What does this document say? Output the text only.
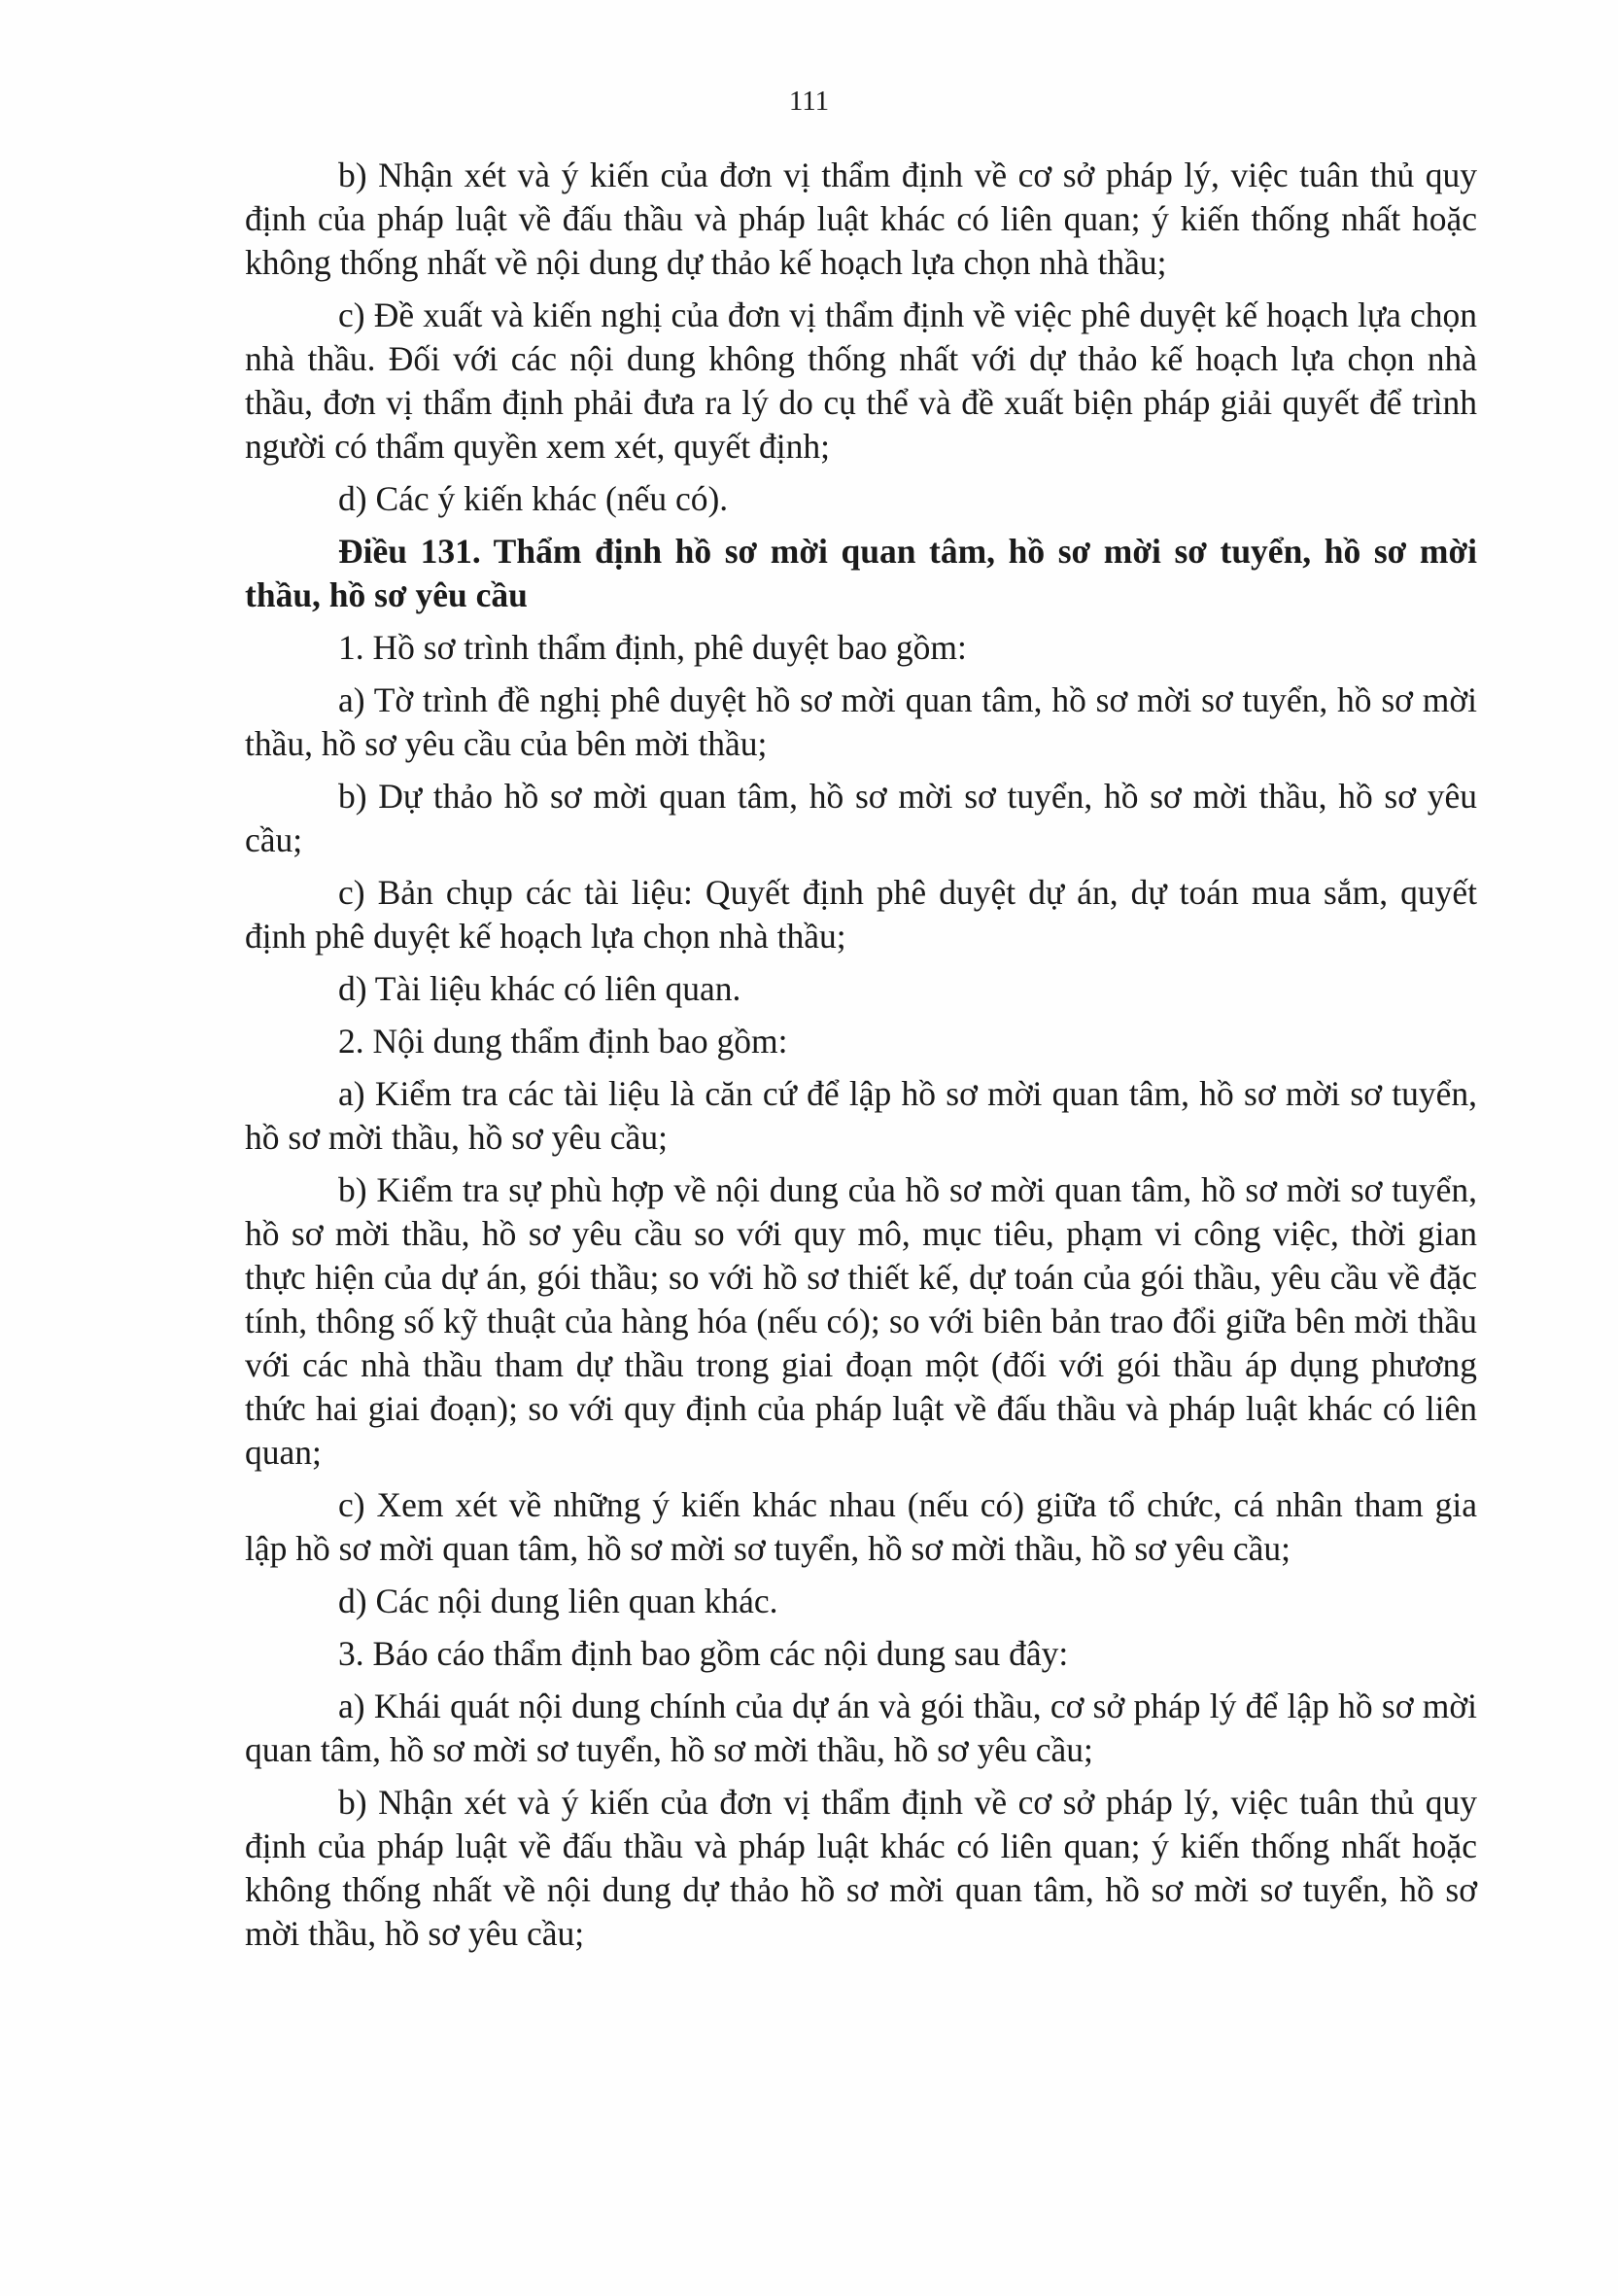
111

b) Nhận xét và ý kiến của đơn vị thẩm định về cơ sở pháp lý, việc tuân thủ quy định của pháp luật về đấu thầu và pháp luật khác có liên quan; ý kiến thống nhất hoặc không thống nhất về nội dung dự thảo kế hoạch lựa chọn nhà thầu;

c) Đề xuất và kiến nghị của đơn vị thẩm định về việc phê duyệt kế hoạch lựa chọn nhà thầu. Đối với các nội dung không thống nhất với dự thảo kế hoạch lựa chọn nhà thầu, đơn vị thẩm định phải đưa ra lý do cụ thể và đề xuất biện pháp giải quyết để trình người có thẩm quyền xem xét, quyết định;

d) Các ý kiến khác (nếu có).

Điều 131. Thẩm định hồ sơ mời quan tâm, hồ sơ mời sơ tuyển, hồ sơ mời thầu, hồ sơ yêu cầu

1. Hồ sơ trình thẩm định, phê duyệt bao gồm:

a) Tờ trình đề nghị phê duyệt hồ sơ mời quan tâm, hồ sơ mời sơ tuyển, hồ sơ mời thầu, hồ sơ yêu cầu của bên mời thầu;

b) Dự thảo hồ sơ mời quan tâm, hồ sơ mời sơ tuyển, hồ sơ mời thầu, hồ sơ yêu cầu;

c) Bản chụp các tài liệu: Quyết định phê duyệt dự án, dự toán mua sắm, quyết định phê duyệt kế hoạch lựa chọn nhà thầu;

d) Tài liệu khác có liên quan.

2. Nội dung thẩm định bao gồm:

a) Kiểm tra các tài liệu là căn cứ để lập hồ sơ mời quan tâm, hồ sơ mời sơ tuyển, hồ sơ mời thầu, hồ sơ yêu cầu;

b) Kiểm tra sự phù hợp về nội dung của hồ sơ mời quan tâm, hồ sơ mời sơ tuyển, hồ sơ mời thầu, hồ sơ yêu cầu so với quy mô, mục tiêu, phạm vi công việc, thời gian thực hiện của dự án, gói thầu; so với hồ sơ thiết kế, dự toán của gói thầu, yêu cầu về đặc tính, thông số kỹ thuật của hàng hóa (nếu có); so với biên bản trao đổi giữa bên mời thầu với các nhà thầu tham dự thầu trong giai đoạn một (đối với gói thầu áp dụng phương thức hai giai đoạn); so với quy định của pháp luật về đấu thầu và pháp luật khác có liên quan;

c) Xem xét về những ý kiến khác nhau (nếu có) giữa tổ chức, cá nhân tham gia lập hồ sơ mời quan tâm, hồ sơ mời sơ tuyển, hồ sơ mời thầu, hồ sơ yêu cầu;

d) Các nội dung liên quan khác.

3. Báo cáo thẩm định bao gồm các nội dung sau đây:

a) Khái quát nội dung chính của dự án và gói thầu, cơ sở pháp lý để lập hồ sơ mời quan tâm, hồ sơ mời sơ tuyển, hồ sơ mời thầu, hồ sơ yêu cầu;

b) Nhận xét và ý kiến của đơn vị thẩm định về cơ sở pháp lý, việc tuân thủ quy định của pháp luật về đấu thầu và pháp luật khác có liên quan; ý kiến thống nhất hoặc không thống nhất về nội dung dự thảo hồ sơ mời quan tâm, hồ sơ mời sơ tuyển, hồ sơ mời thầu, hồ sơ yêu cầu;
